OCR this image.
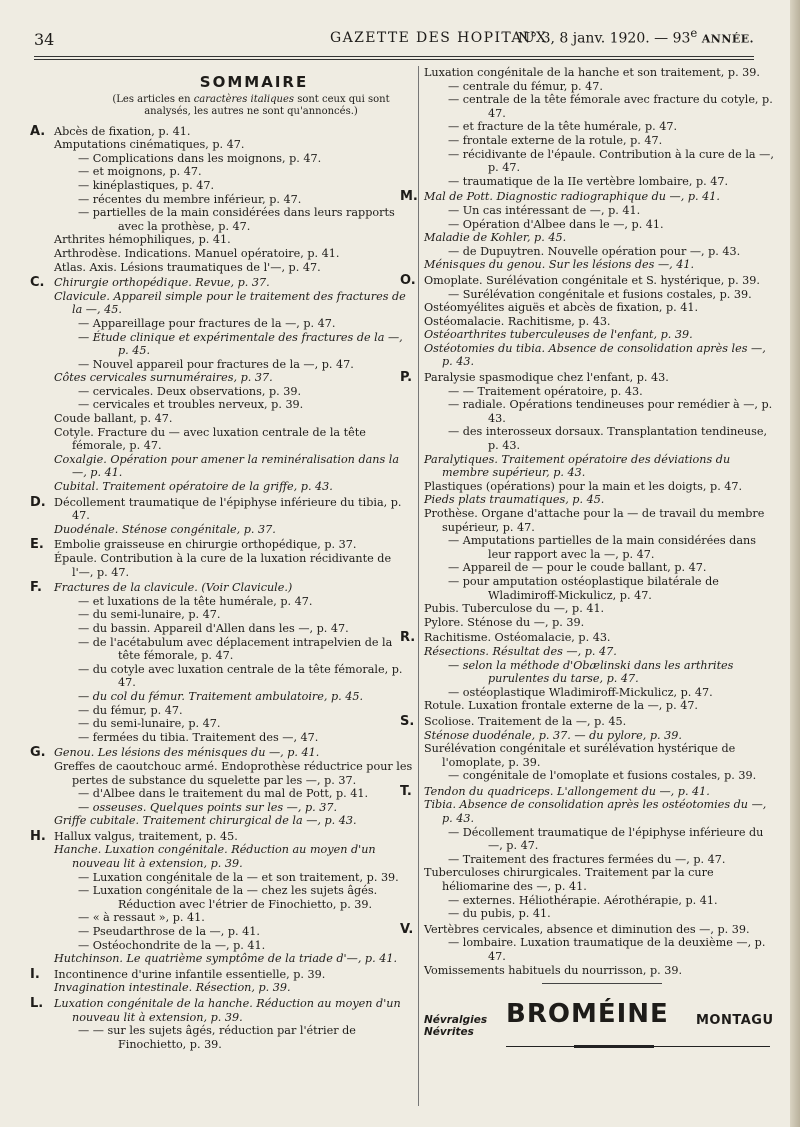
34	GAZETTE DES HOPITAUX
N° 3, 8 janv. 1920. — 93e ANNÉE.
SOMMAIRE
(Les articles en caractères italiques sont ceux qui sont analysés, les autres ne sont qu'annoncés.)
A. Abcès de fixation, p. 41.
Amputations cinématiques, p. 47.
— Complications dans les moignons, p. 47.
— et moignons, p. 47.
— kinéplastiques, p. 47.
— récentes du membre inférieur, p. 47.
— partielles de la main considérées dans leurs rapports avec la prothèse, p. 47.
Arthrites hémophiliques, p. 41.
Arthrodèse. Indications. Manuel opératoire, p. 41.
Atlas. Axis. Lésions traumatiques de l'—, p. 47.
C. Chirurgie orthopédique. Revue, p. 37.
Clavicule. Appareil simple pour le traitement des fractures de la —, 45.
— Appareillage pour fractures de la —, p. 47.
— Étude clinique et expérimentale des fractures de la —, p. 45.
— Nouvel appareil pour fractures de la —, p. 47.
Côtes cervicales surnuméraires, p. 37.
— cervicales. Deux observations, p. 39.
— cervicales et troubles nerveux, p. 39.
Coude ballant, p. 47.
Cotyle. Fracture du — avec luxation centrale de la tête fémorale, p. 47.
Coxalgie. Opération pour amener la reminéralisation dans la —, p. 41.
Cubital. Traitement opératoire de la griffe, p. 43.
D. Décollement traumatique de l'épiphyse inférieure du tibia, p. 47.
Duodénale. Sténose congénitale, p. 37.
E. Embolie graisseuse en chirurgie orthopédique, p. 37.
Épaule. Contribution à la cure de la luxation récidivante de l'—, p. 47.
F. Fractures de la clavicule. (Voir Clavicule.)
— et luxations de la tête humérale, p. 47.
— du semi-lunaire, p. 47.
— du bassin. Appareil d'Allen dans les —, p. 47.
— de l'acétabulum avec déplacement intrapelvien de la tête fémorale, p. 47.
— du cotyle avec luxation centrale de la tête fémorale, p. 47.
— du col du fémur. Traitement ambulatoire, p. 45.
— du fémur, p. 47.
— du semi-lunaire, p. 47.
— fermées du tibia. Traitement des —, 47.
G. Genou. Les lésions des ménisques du —, p. 41.
Greffes de caoutchouc armé. Endoprothèse réductrice pour les pertes de substance du squelette par les —, p. 37.
— d'Albee dans le traitement du mal de Pott, p. 41.
— osseuses. Quelques points sur les —, p. 37.
Griffe cubitale. Traitement chirurgical de la —, p. 43.
H. Hallux valgus, traitement, p. 45.
Hanche. Luxation congénitale. Réduction au moyen d'un nouveau lit à extension, p. 39.
— Luxation congénitale de la — et son traitement, p. 39.
— Luxation congénitale de la — chez les sujets âgés. Réduction avec l'étrier de Finochietto, p. 39.
— « à ressaut », p. 41.
— Pseudarthrose de la —, p. 41.
— Ostéochondrite de la —, p. 41.
Hutchinson. Le quatrième symptôme de la triade d'—, p. 41.
I. Incontinence d'urine infantile essentielle, p. 39.
Invagination intestinale. Résection, p. 39.
L. Luxation congénitale de la hanche. Réduction au moyen d'un nouveau lit à extension, p. 39.
— — sur les sujets âgés, réduction par l'étrier de Finochietto, p. 39.
Luxation congénitale de la hanche et son traitement, p. 39.
— centrale du fémur, p. 47.
— centrale de la tête fémorale avec fracture du cotyle, p. 47.
— et fracture de la tête humérale, p. 47.
— frontale externe de la rotule, p. 47.
— récidivante de l'épaule. Contribution à la cure de la —, p. 47.
— traumatique de la IIe vertèbre lombaire, p. 47.
M. Mal de Pott. Diagnostic radiographique du —, p. 41.
— Un cas intéressant de —, p. 41.
— Opération d'Albee dans le —, p. 41.
Maladie de Kohler, p. 45.
— de Dupuytren. Nouvelle opération pour —, p. 43.
Ménisques du genou. Sur les lésions des —, 41.
O. Omoplate. Surélévation congénitale et S. hystérique, p. 39.
— Surélévation congénitale et fusions costales, p. 39.
Ostéomyélites aiguës et abcès de fixation, p. 41.
Ostéomalacie. Rachitisme, p. 43.
Ostéoarthrites tuberculeuses de l'enfant, p. 39.
Ostéotomies du tibia. Absence de consolidation après les —, p. 43.
P. Paralysie spasmodique chez l'enfant, p. 43.
— — Traitement opératoire, p. 43.
— radiale. Opérations tendineuses pour remédier à —, p. 43.
— des interosseux dorsaux. Transplantation tendineuse, p. 43.
Paralytiques. Traitement opératoire des déviations du membre supérieur, p. 43.
Plastiques (opérations) pour la main et les doigts, p. 47.
Pieds plats traumatiques, p. 45.
Prothèse. Organe d'attache pour la — de travail du membre supérieur, p. 47.
— Amputations partielles de la main considérées dans leur rapport avec la —, p. 47.
— Appareil de — pour le coude ballant, p. 47.
— pour amputation ostéoplastique bilatérale de Wladimiroff-Mickulicz, p. 47.
Pubis. Tuberculose du —, p. 41.
Pylore. Sténose du —, p. 39.
R. Rachitisme. Ostéomalacie, p. 43.
Résections. Résultat des —, p. 47.
— selon la méthode d'Obælinski dans les arthrites purulentes du tarse, p. 47.
— ostéoplastique Wladimiroff-Mickulicz, p. 47.
Rotule. Luxation frontale externe de la —, p. 47.
S. Scoliose. Traitement de la —, p. 45.
Sténose duodénale, p. 37. — du pylore, p. 39.
Surélévation congénitale et surélévation hystérique de l'omoplate, p. 39.
— congénitale de l'omoplate et fusions costales, p. 39.
T. Tendon du quadriceps. L'allongement du —, p. 41.
Tibia. Absence de consolidation après les ostéotomies du —, p. 43.
— Décollement traumatique de l'épiphyse inférieure du —, p. 47.
— Traitement des fractures fermées du —, p. 47.
Tuberculoses chirurgicales. Traitement par la cure héliomarine des —, p. 41.
— externes. Héliothérapie. Aérothérapie, p. 41.
— du pubis, p. 41.
V. Vertèbres cervicales, absence et diminution des —, p. 39.
— lombaire. Luxation traumatique de la deuxième —, p. 47.
Vomissements habituels du nourrisson, p. 39.
Névralgies
Névrites
BROMÉINE MONTAGU
